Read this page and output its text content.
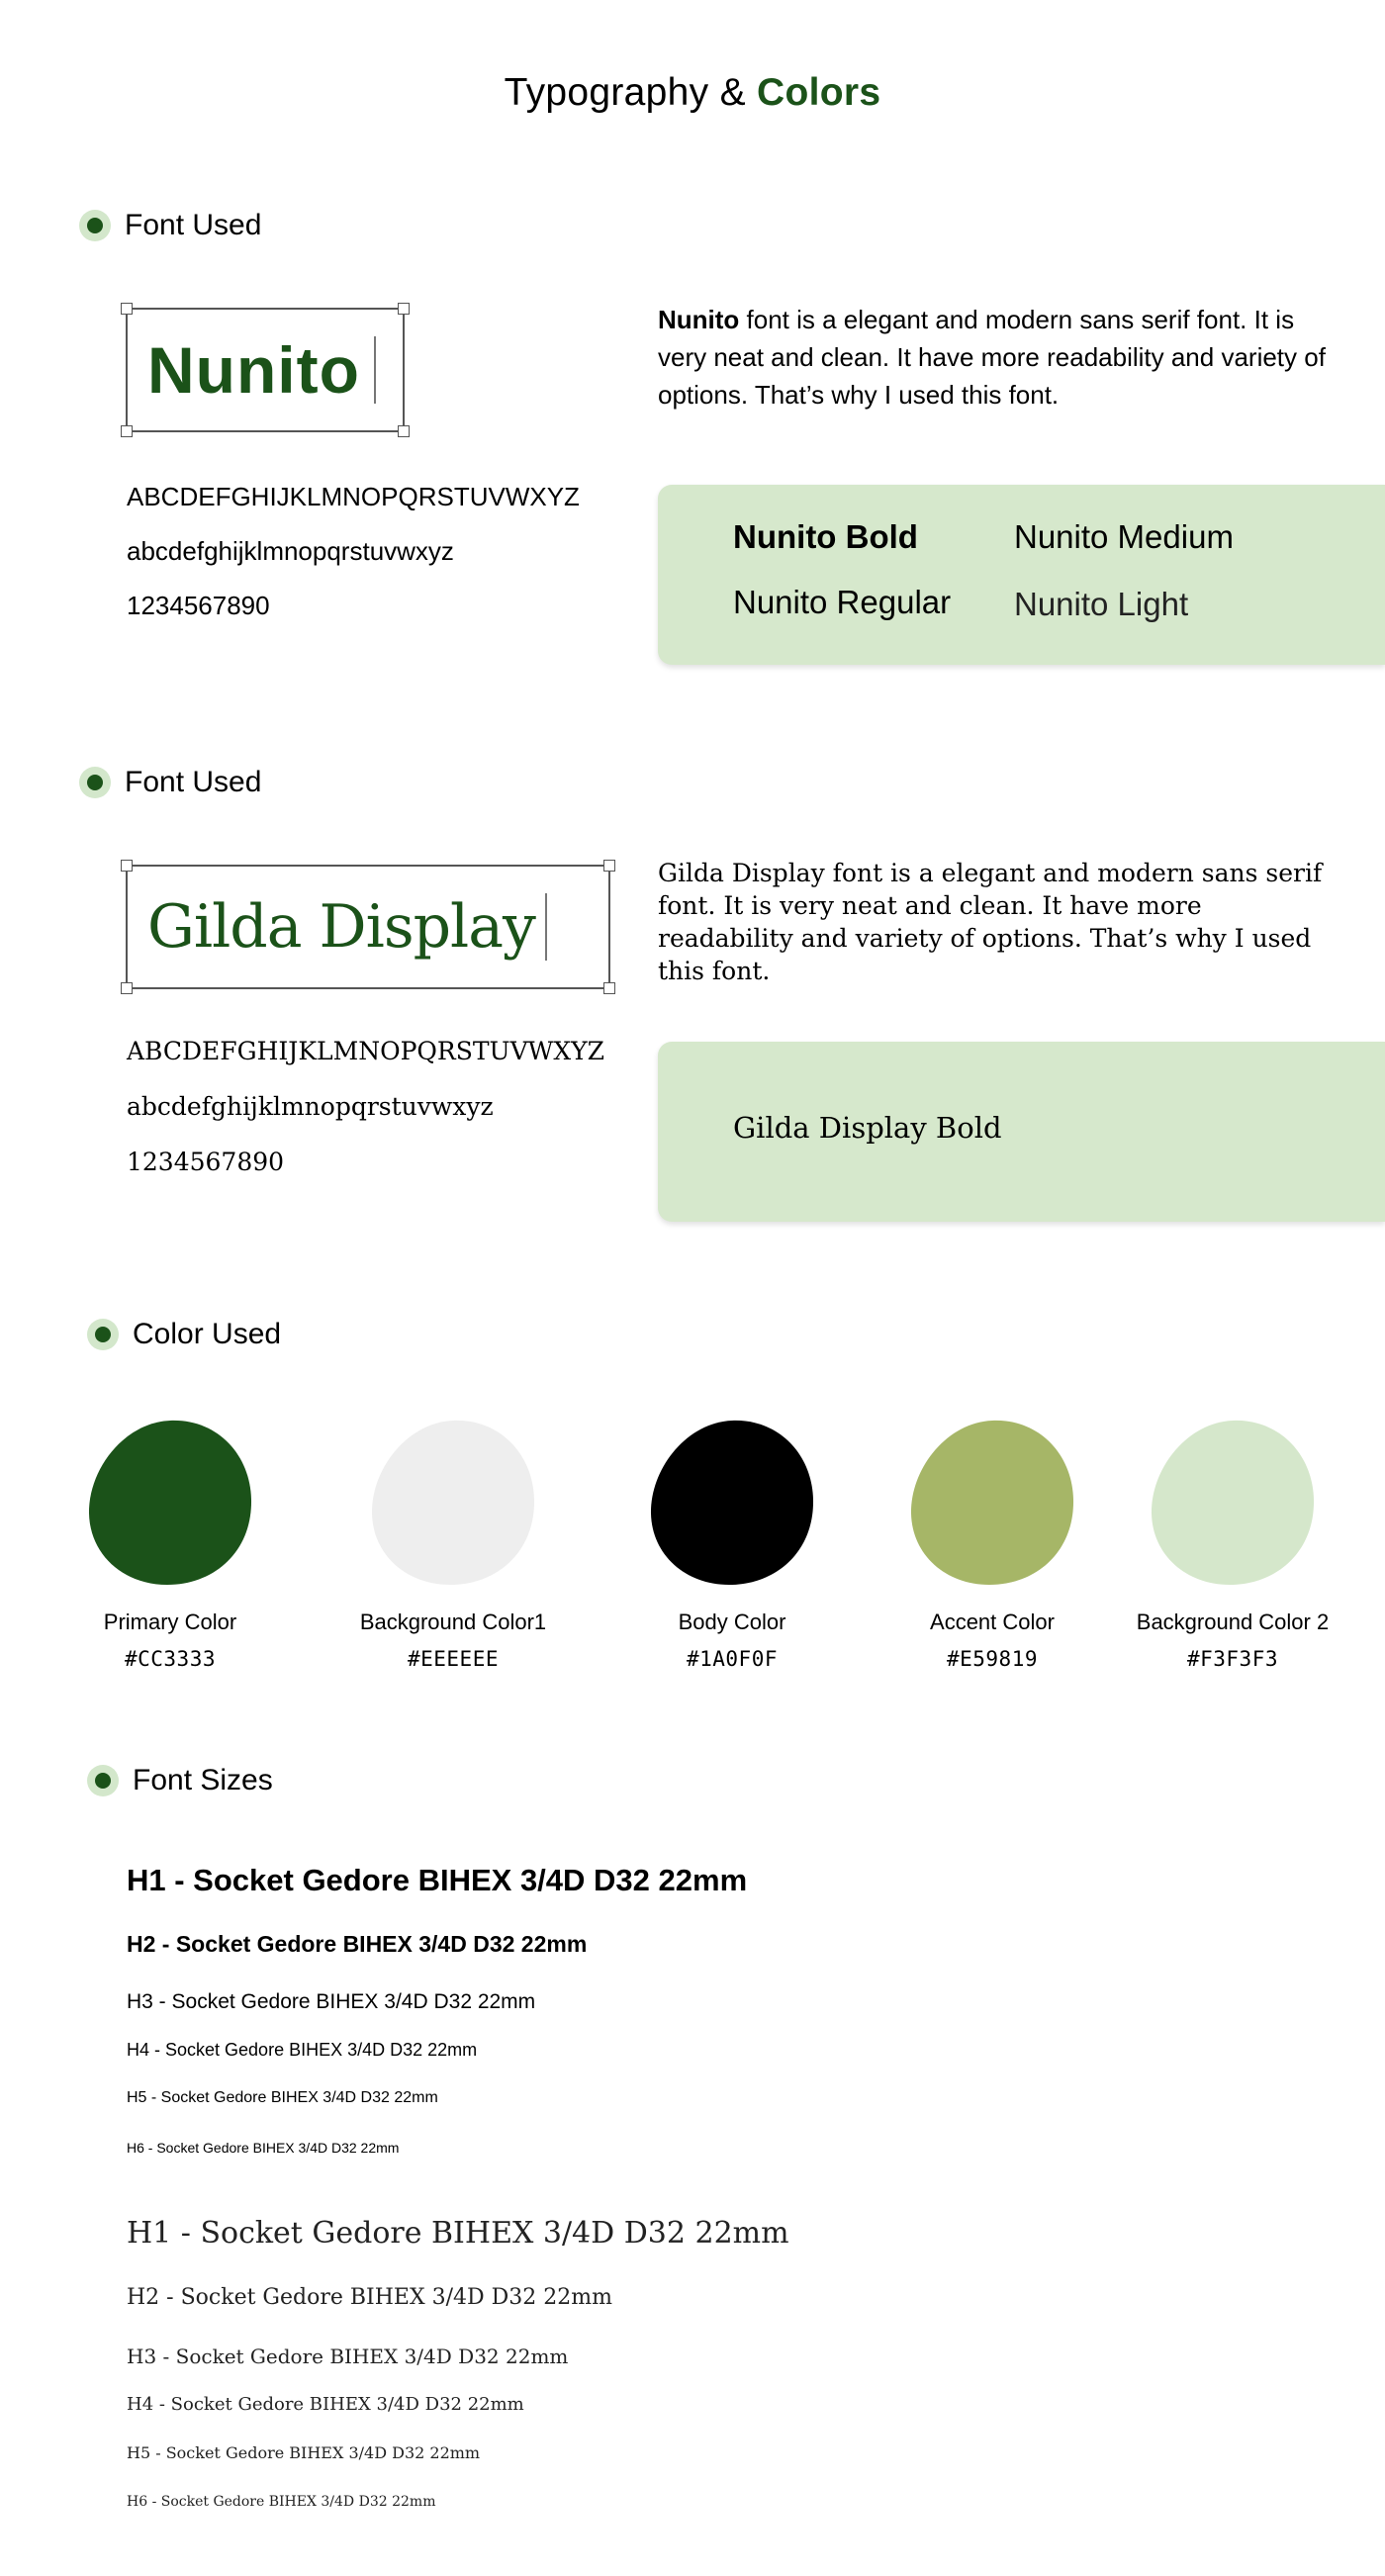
Typography & Colors
Font Used
Nunito

Nunito font is a elegant and modern sans serif font. It is very neat and clean. It have more readability and variety of options. That’s why I used this font.

ABCDEFGHIJKLMNOPQRSTUVWXYZ
abcdefghijklmnopqrstuvwxyz
1234567890
Nunito Bold	Nunito Medium
Nunito Regular Nunito Light
Font Used
Gilda Display

Gilda Display font is a elegant and modern sans serif font. It is very neat and clean. It have more readability and variety of options. That’s why I used this font.

ABCDEFGHIJKLMNOPQRSTUVWXYZ
abcdefghijklmnopqrstuvwxyz
1234567890
Gilda Display Bold
Color Used
Primary Color
#CC3333
Background Color1
#EEEEEE
Body Color
#1A0F0F
Accent Color
#E59819
Background Color 2
#F3F3F3
Font Sizes
H1 - Socket Gedore BIHEX 3/4D D32 22mm
H2 - Socket Gedore BIHEX 3/4D D32 22mm
H3 - Socket Gedore BIHEX 3/4D D32 22mm
H4 - Socket Gedore BIHEX 3/4D D32 22mm
H5 - Socket Gedore BIHEX 3/4D D32 22mm
H6 - Socket Gedore BIHEX 3/4D D32 22mm
H1 - Socket Gedore BIHEX 3/4D D32 22mm
H2 - Socket Gedore BIHEX 3/4D D32 22mm
H3 - Socket Gedore BIHEX 3/4D D32 22mm
H4 - Socket Gedore BIHEX 3/4D D32 22mm
H5 - Socket Gedore BIHEX 3/4D D32 22mm
H6 - Socket Gedore BIHEX 3/4D D32 22mm
